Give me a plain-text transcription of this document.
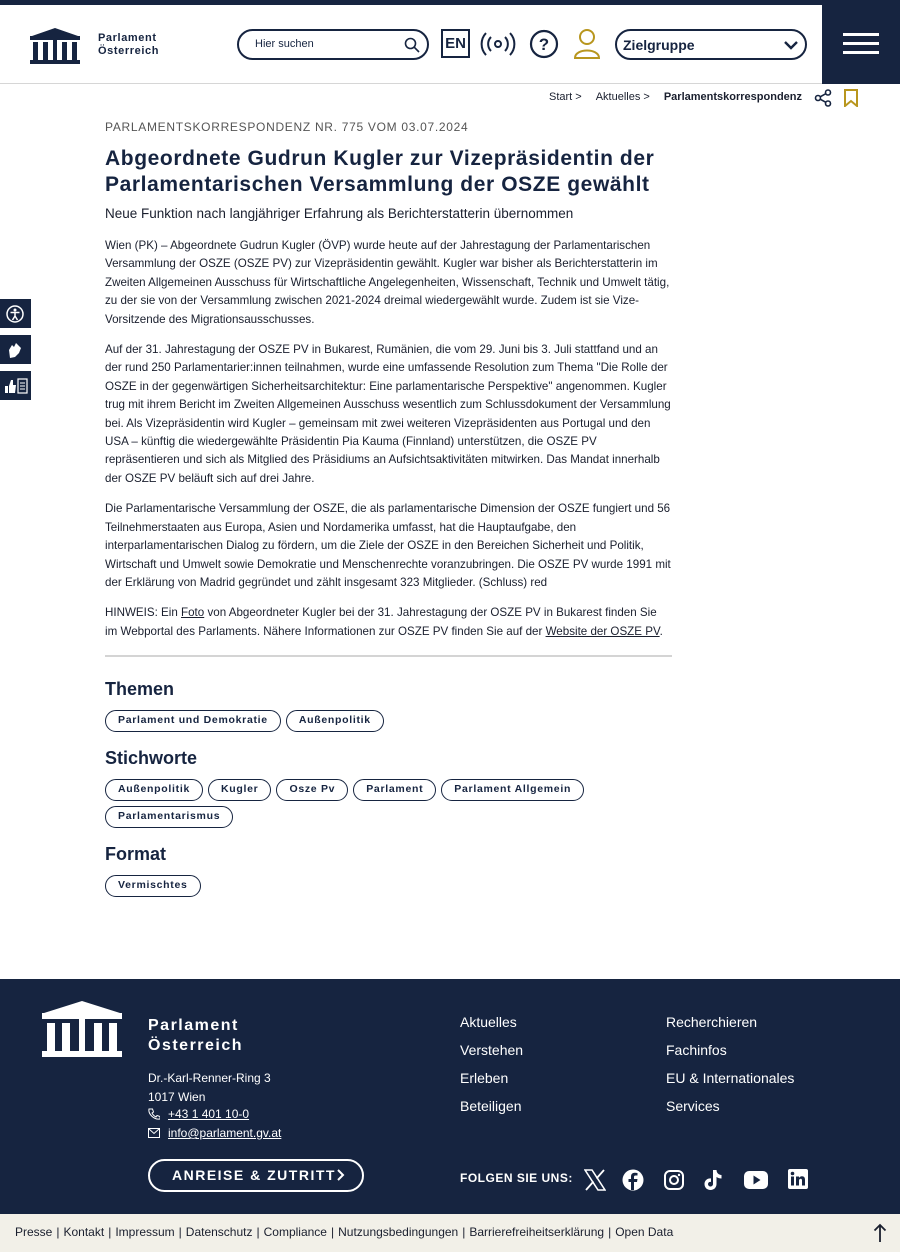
Parlament
Österreich
Hier suchen	EN	?	Zielgruppe
Start > Aktuelles > Parlamentskorrespondenz
PARLAMENTSKORRESPONDENZ NR. 775 VOM 03.07.2024
Abgeordnete Gudrun Kugler zur Vizepräsidentin der Parlamentarischen Versammlung der OSZE gewählt
Neue Funktion nach langjähriger Erfahrung als Berichterstatterin übernommen

Wien (PK) – Abgeordnete Gudrun Kugler (ÖVP) wurde heute auf der Jahrestagung der Parlamentarischen Versammlung der OSZE (OSZE PV) zur Vizepräsidentin gewählt. Kugler war bisher als Berichterstatterin im Zweiten Allgemeinen Ausschuss für Wirtschaftliche Angelegenheiten, Wissenschaft, Technik und Umwelt tätig, zu der sie von der Versammlung zwischen 2021-2024 dreimal wiedergewählt wurde. Zudem ist sie Vize-Vorsitzende des Migrationsausschusses.

Auf der 31. Jahrestagung der OSZE PV in Bukarest, Rumänien, die vom 29. Juni bis 3. Juli stattfand und an der rund 250 Parlamentarier:innen teilnahmen, wurde eine umfassende Resolution zum Thema "Die Rolle der OSZE in der gegenwärtigen Sicherheitsarchitektur: Eine parlamentarische Perspektive" angenommen. Kugler trug mit ihrem Bericht im Zweiten Allgemeinen Ausschuss wesentlich zum Schlussdokument der Versammlung bei. Als Vizepräsidentin wird Kugler – gemeinsam mit zwei weiteren Vizepräsidenten aus Portugal und den USA – künftig die wiedergewählte Präsidentin Pia Kauma (Finnland) unterstützen, die OSZE PV repräsentieren und sich als Mitglied des Präsidiums an Aufsichtsaktivitäten mitwirken. Das Mandat innerhalb der OSZE PV beläuft sich auf drei Jahre.

Die Parlamentarische Versammlung der OSZE, die als parlamentarische Dimension der OSZE fungiert und 56 Teilnehmerstaaten aus Europa, Asien und Nordamerika umfasst, hat die Hauptaufgabe, den interparlamentarischen Dialog zu fördern, um die Ziele der OSZE in den Bereichen Sicherheit und Politik, Wirtschaft und Umwelt sowie Demokratie und Menschenrechte voranzubringen. Die OSZE PV wurde 1991 mit der Erklärung von Madrid gegründet und zählt insgesamt 323 Mitglieder. (Schluss) red

HINWEIS: Ein Foto von Abgeordneter Kugler bei der 31. Jahrestagung der OSZE PV in Bukarest finden Sie im Webportal des Parlaments. Nähere Informationen zur OSZE PV finden Sie auf der Website der OSZE PV.

Themen
Parlament und Demokratie	Außenpolitik
Stichworte
Außenpolitik	Kugler	Osze Pv	Parlament	Parlament Allgemein
Parlamentarismus
Format
Vermischtes
Parlament
Österreich
Dr.-Karl-Renner-Ring 3
1017 Wien
+43 1 401 10-0
info@parlament.gv.at
ANREISE & ZUTRITT
Aktuelles
Verstehen
Erleben
Beteiligen
Recherchieren
Fachinfos
EU & Internationales
Services
FOLGEN SIE UNS:
Presse | Kontakt | Impressum | Datenschutz | Compliance | Nutzungsbedingungen | Barrierefreiheitserklärung | Open Data
